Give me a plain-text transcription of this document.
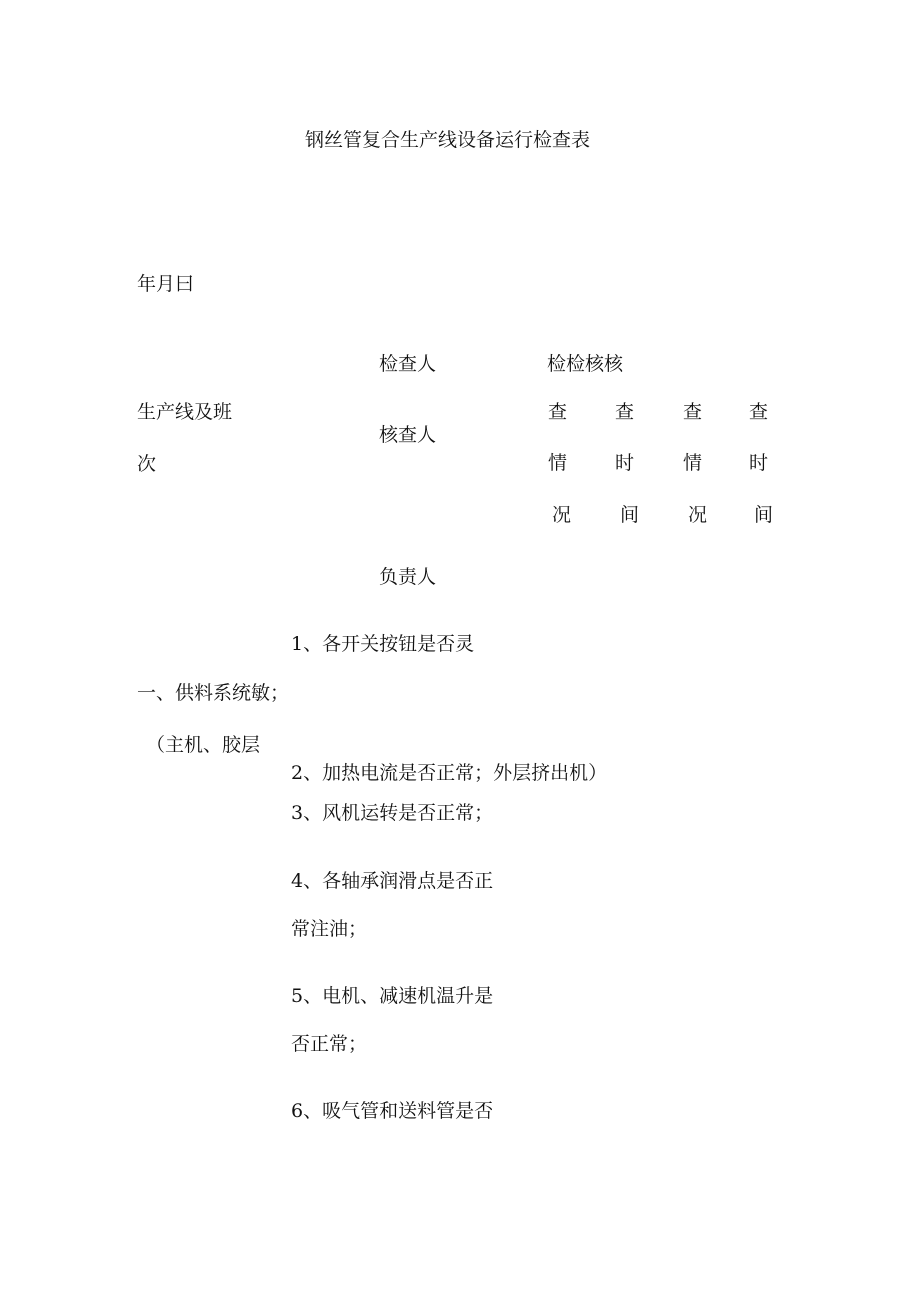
钢丝管复合生产线设备运行检查表
年月曰
检查人	检检核核
生产线及班
次
核查人
查
情
况
查
时
间
查
情
况
查
时
间
负责人
1、各开关按钮是否灵
一、供料系统敏；
（主机、胶层
2、加热电流是否正常；外层挤出机）
3、风机运转是否正常；
4、各轴承润滑点是否正
常注油；
5、电机、减速机温升是
否正常；
6、吸气管和送料管是否
